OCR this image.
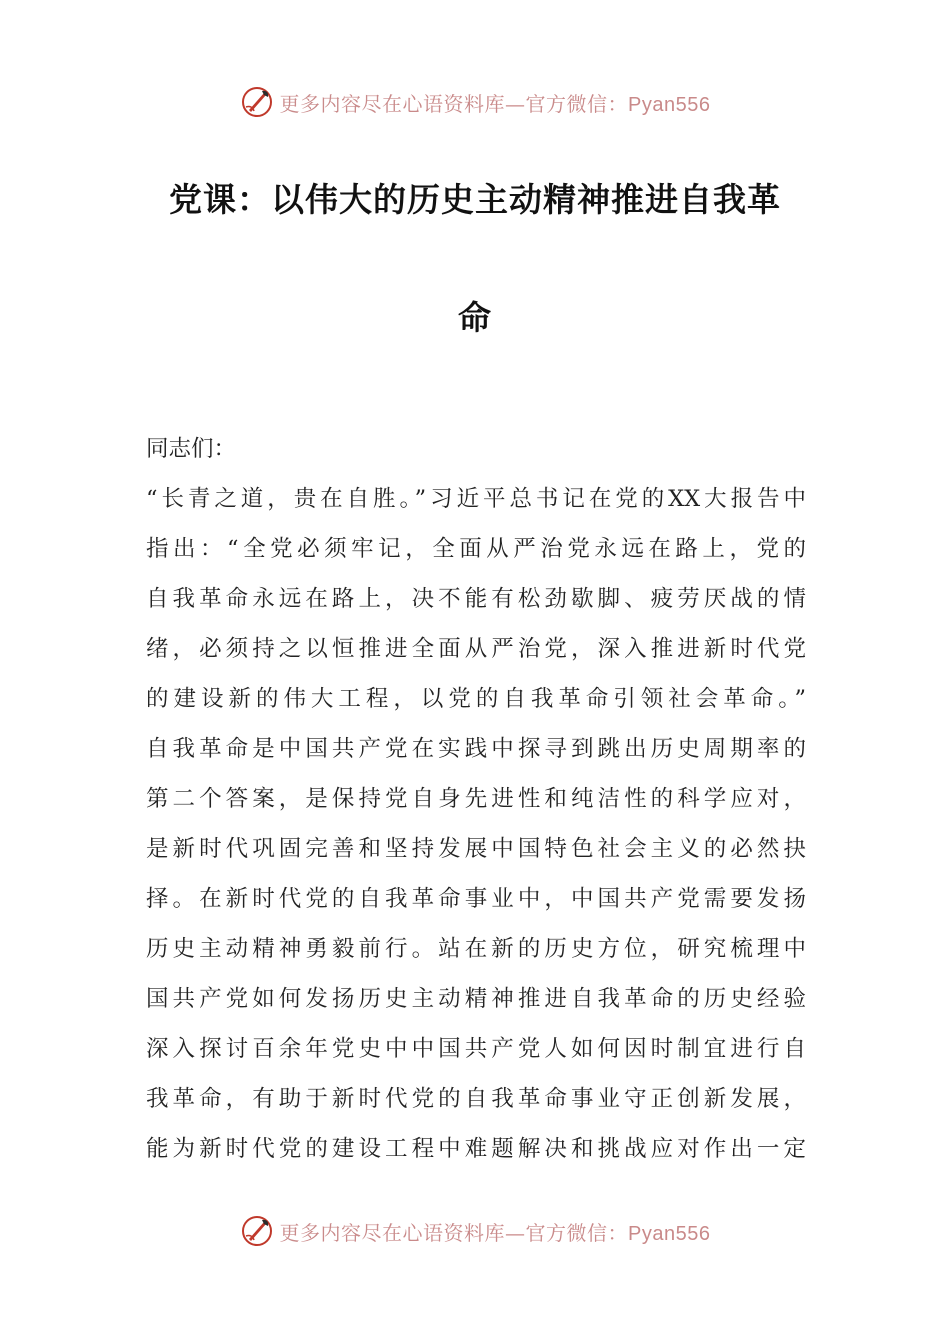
更多内容尽在心语资料库—官方微信：Pyan556
党课：以伟大的历史主动精神推进自我革
命
同志们：
“长青之道，贵在自胜。”习近平总书记在党的XX大报告中
指出：“全党必须牢记，全面从严治党永远在路上，党的
自我革命永远在路上，决不能有松劲歇脚、疲劳厌战的情
绪，必须持之以恒推进全面从严治党，深入推进新时代党
的建设新的伟大工程，以党的自我革命引领社会革命。”
自我革命是中国共产党在实践中探寻到跳出历史周期率的
第二个答案，是保持党自身先进性和纯洁性的科学应对，
是新时代巩固完善和坚持发展中国特色社会主义的必然抉
择。在新时代党的自我革命事业中，中国共产党需要发扬
历史主动精神勇毅前行。站在新的历史方位，研究梳理中
国共产党如何发扬历史主动精神推进自我革命的历史经验
深入探讨百余年党史中中国共产党人如何因时制宜进行自
我革命，有助于新时代党的自我革命事业守正创新发展，
能为新时代党的建设工程中难题解决和挑战应对作出一定
更多内容尽在心语资料库—官方微信：Pyan556
